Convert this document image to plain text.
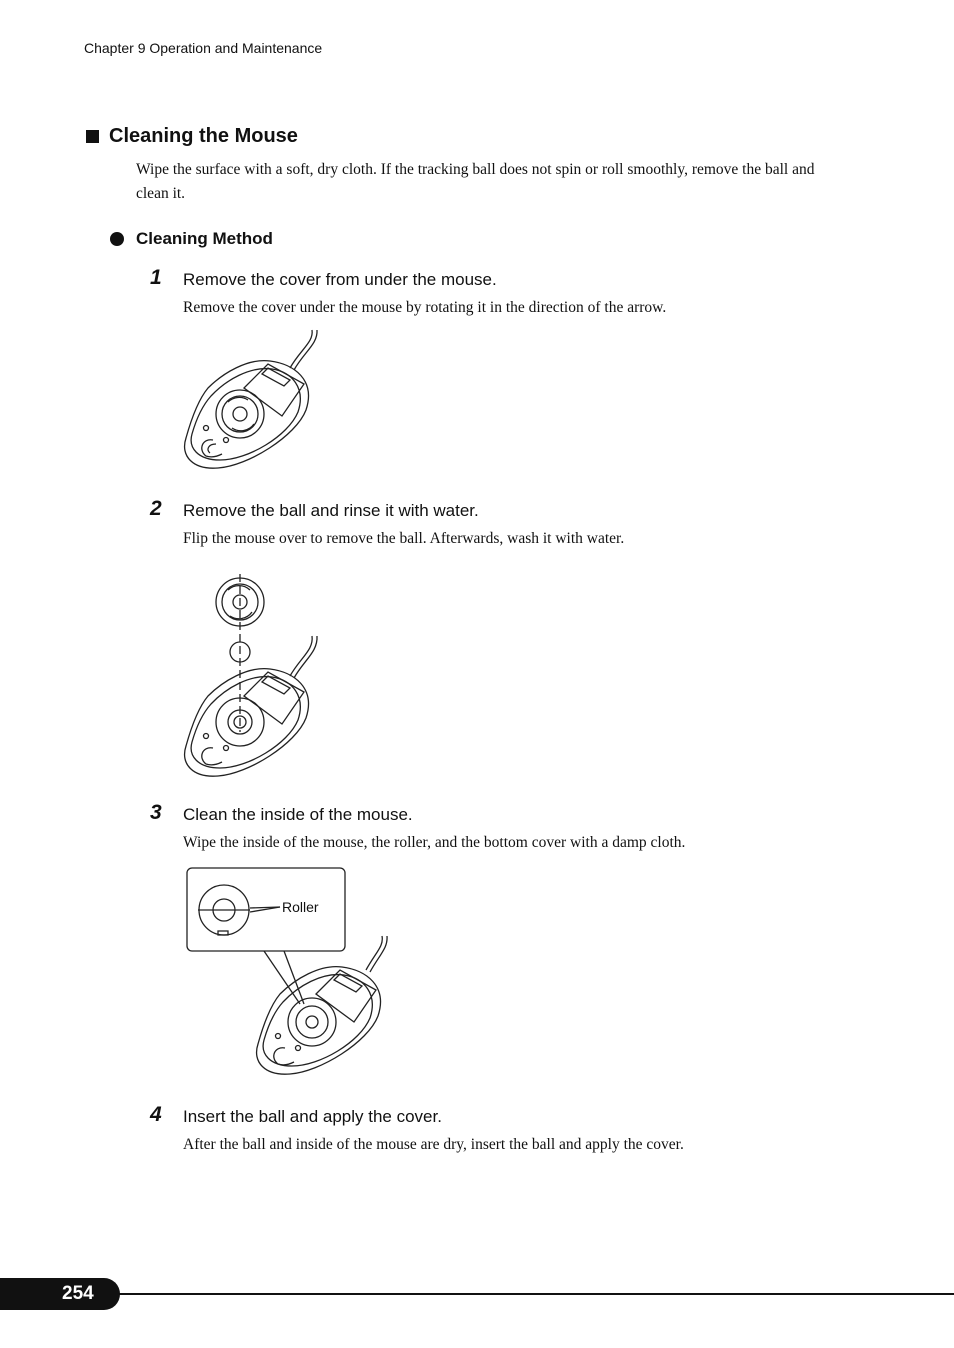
Chapter 9 Operation and Maintenance
Cleaning the Mouse
Wipe the surface with a soft, dry cloth. If the tracking ball does not spin or roll smoothly, remove the ball and clean it.
Cleaning Method
1	Remove the cover from under the mouse.
Remove the cover under the mouse by rotating it in the direction of the arrow.
2	Remove the ball and rinse it with water.
Flip the mouse over to remove the ball. Afterwards, wash it with water.
3	Clean the inside of the mouse.
Wipe the inside of the mouse, the roller, and the bottom cover with a damp cloth.
Roller
4	Insert the ball and apply the cover.
After the ball and inside of the mouse are dry, insert the ball and apply the cover.
254
